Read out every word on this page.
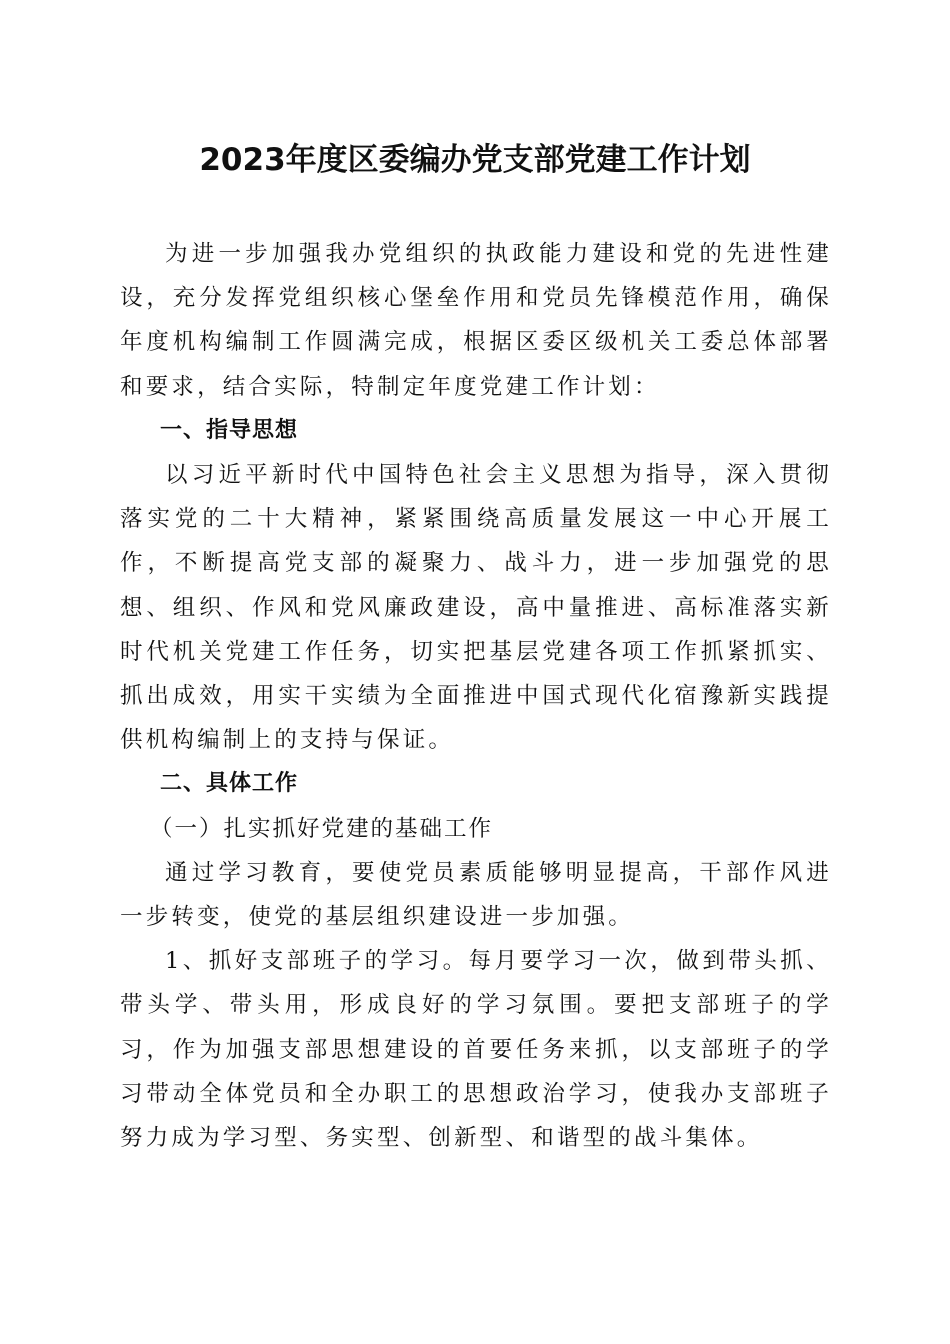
2023年度区委编办党支部党建工作计划

为进一步加强我办党组织的执政能力建设和党的先进性建设，充分发挥党组织核心堡垒作用和党员先锋模范作用，确保年度机构编制工作圆满完成，根据区委区级机关工委总体部署和要求，结合实际，特制定年度党建工作计划：

一、指导思想

以习近平新时代中国特色社会主义思想为指导，深入贯彻落实党的二十大精神，紧紧围绕高质量发展这一中心开展工作，不断提高党支部的凝聚力、战斗力，进一步加强党的思想、组织、作风和党风廉政建设，高中量推进、高标准落实新时代机关党建工作任务，切实把基层党建各项工作抓紧抓实、抓出成效，用实干实绩为全面推进中国式现代化宿豫新实践提供机构编制上的支持与保证。

二、具体工作

（一）扎实抓好党建的基础工作

通过学习教育，要使党员素质能够明显提高，干部作风进一步转变，使党的基层组织建设进一步加强。

1、抓好支部班子的学习。每月要学习一次，做到带头抓、带头学、带头用，形成良好的学习氛围。要把支部班子的学习，作为加强支部思想建设的首要任务来抓，以支部班子的学习带动全体党员和全办职工的思想政治学习，使我办支部班子努力成为学习型、务实型、创新型、和谐型的战斗集体。
